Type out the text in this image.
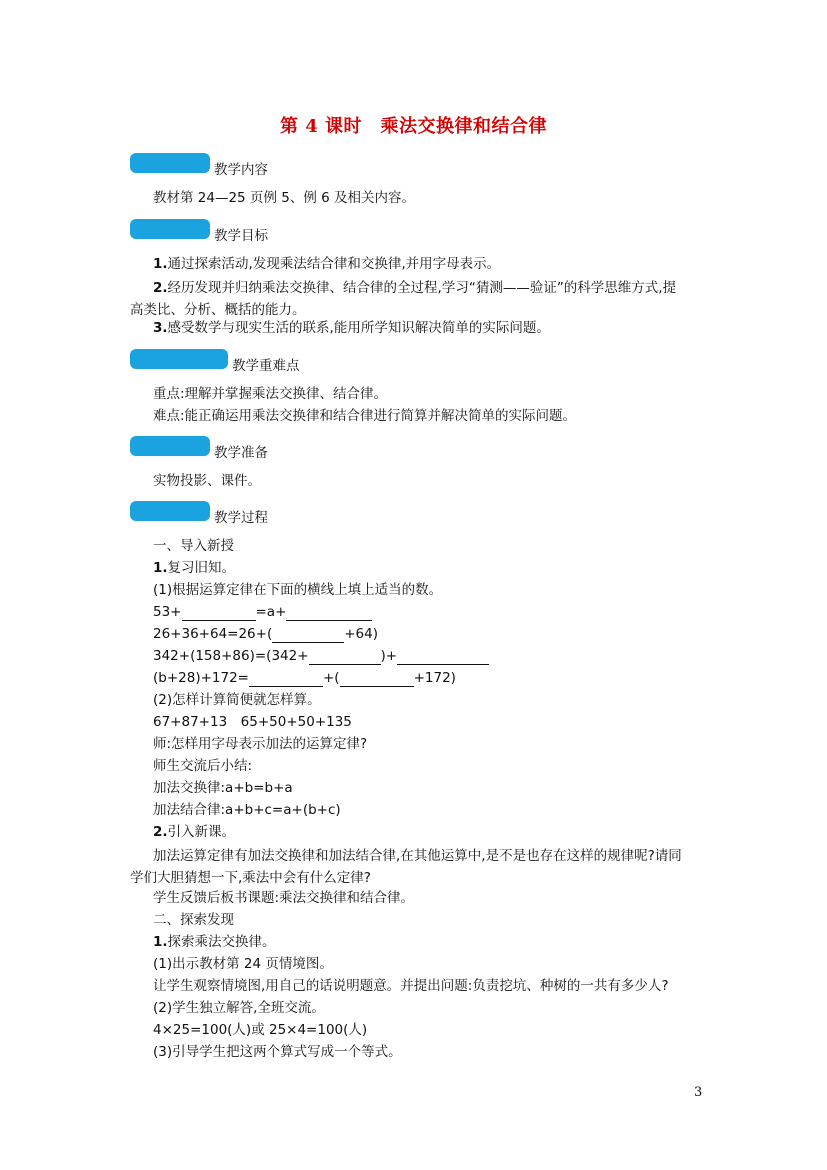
第 4 课时　乘法交换律和结合律
教学内容
教材第 24—25 页例 5、例 6 及相关内容。
教学目标
1.通过探索活动,发现乘法结合律和交换律,并用字母表示。
2.经历发现并归纳乘法交换律、结合律的全过程,学习“猜测——验证”的科学思维方式,提高类比、分析、概括的能力。
3.感受数学与现实生活的联系,能用所学知识解决简单的实际问题。
教学重难点
重点:理解并掌握乘法交换律、结合律。
难点:能正确运用乘法交换律和结合律进行简算并解决简单的实际问题。
教学准备
实物投影、课件。
教学过程
一、导入新授
1.复习旧知。
(1)根据运算定律在下面的横线上填上适当的数。
53+	=a+
26+36+64=26+(	+64)
342+(158+86)=(342+	)+
(b+28)+172=	+(	+172)
(2)怎样计算简便就怎样算。
67+87+13　65+50+50+135
师:怎样用字母表示加法的运算定律?
师生交流后小结:
加法交换律:a+b=b+a
加法结合律:a+b+c=a+(b+c)
2.引入新课。
加法运算定律有加法交换律和加法结合律,在其他运算中,是不是也存在这样的规律呢?请同学们大胆猜想一下,乘法中会有什么定律?
学生反馈后板书课题:乘法交换律和结合律。
二、探索发现
1.探索乘法交换律。
(1)出示教材第 24 页情境图。
让学生观察情境图,用自己的话说明题意。并提出问题:负责挖坑、种树的一共有多少人?
(2)学生独立解答,全班交流。
4×25=100(人)或 25×4=100(人)
(3)引导学生把这两个算式写成一个等式。
3
